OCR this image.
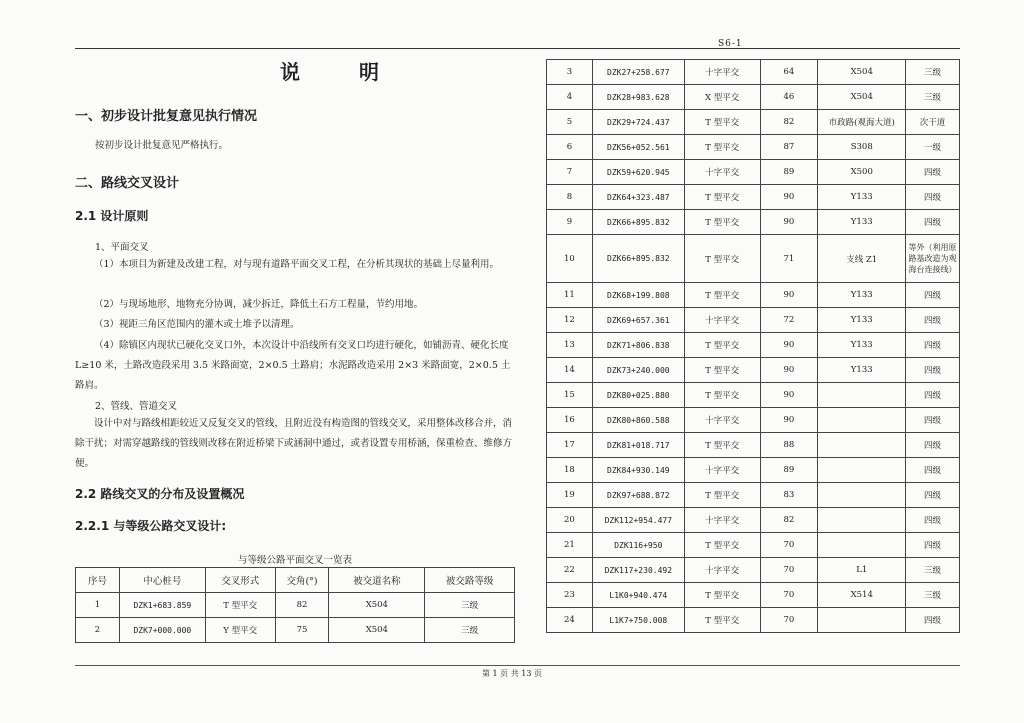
S6-1
说 明
一、初步设计批复意见执行情况
按初步设计批复意见严格执行。
二、路线交叉设计
2.1 设计原则
1、平面交叉
（1）本项目为新建及改建工程，对与现有道路平面交叉工程，在分析其现状的基础上尽量利用。
（2）与现场地形、地物充分协调，减少拆迁，降低土石方工程量，节约用地。
（3）视距三角区范围内的灌木或土堆予以清理。
（4）除镇区内现状已硬化交叉口外，本次设计中沿线所有交叉口均进行硬化，如铺沥青、硬化长度 L≥10 米，土路改造段采用 3.5 米路面宽，2×0.5 土路肩；水泥路改造采用 2×3 米路面宽，2×0.5 土路肩。
2、管线、管道交叉
设计中对与路线相距较近又反复交叉的管线，且附近没有构造图的管线交叉，采用整体改移合并，消除干扰；对需穿越路线的管线则改移在附近桥梁下或涵洞中通过，或者设置专用桥涵，保重检查、维修方便。
2.2 路线交叉的分布及设置概况
2.2.1 与等级公路交叉设计:
与等级公路平面交叉一览表
序号	中心桩号	交叉形式	交角(°)	被交道名称	被交路等级
1	DZK1+683.859	T 型平交	82	X504	三级
2	DZK7+000.000	Y 型平交	75	X504	三级
3	DZK27+258.677	十字平交	64	X504	三级
4	DZK28+983.628	X 型平交	46	X504	三级
5	DZK29+724.437	T 型平交	82	市政路(观海大道)	次干道
6	DZK56+052.561	T 型平交	87	S308	一级
7	DZK59+620.945	十字平交	89	X500	四级
8	DZK64+323.487	T 型平交	90	Y133	四级
9	DZK66+895.832	T 型平交	90	Y133	四级
10	DZK66+895.832	T 型平交	71	支线 Z1	等外（利用原路基改造为观海台连接线）
11	DZK68+199.808	T 型平交	90	Y133	四级
12	DZK69+657.361	十字平交	72	Y133	四级
13	DZK71+806.838	T 型平交	90	Y133	四级
14	DZK73+240.000	T 型平交	90	Y133	四级
15	DZK80+025.880	T 型平交	90		四级
16	DZK80+860.588	十字平交	90		四级
17	DZK81+018.717	T 型平交	88		四级
18	DZK84+930.149	十字平交	89		四级
19	DZK97+688.872	T 型平交	83		四级
20	DZK112+954.477	十字平交	82		四级
21	DZK116+950	T 型平交	70		四级
22	DZK117+230.492	十字平交	70	L1	三级
23	L1K0+940.474	T 型平交	70	X514	三级
24	L1K7+750.008	T 型平交	70		四级
第 1 页 共 13 页
